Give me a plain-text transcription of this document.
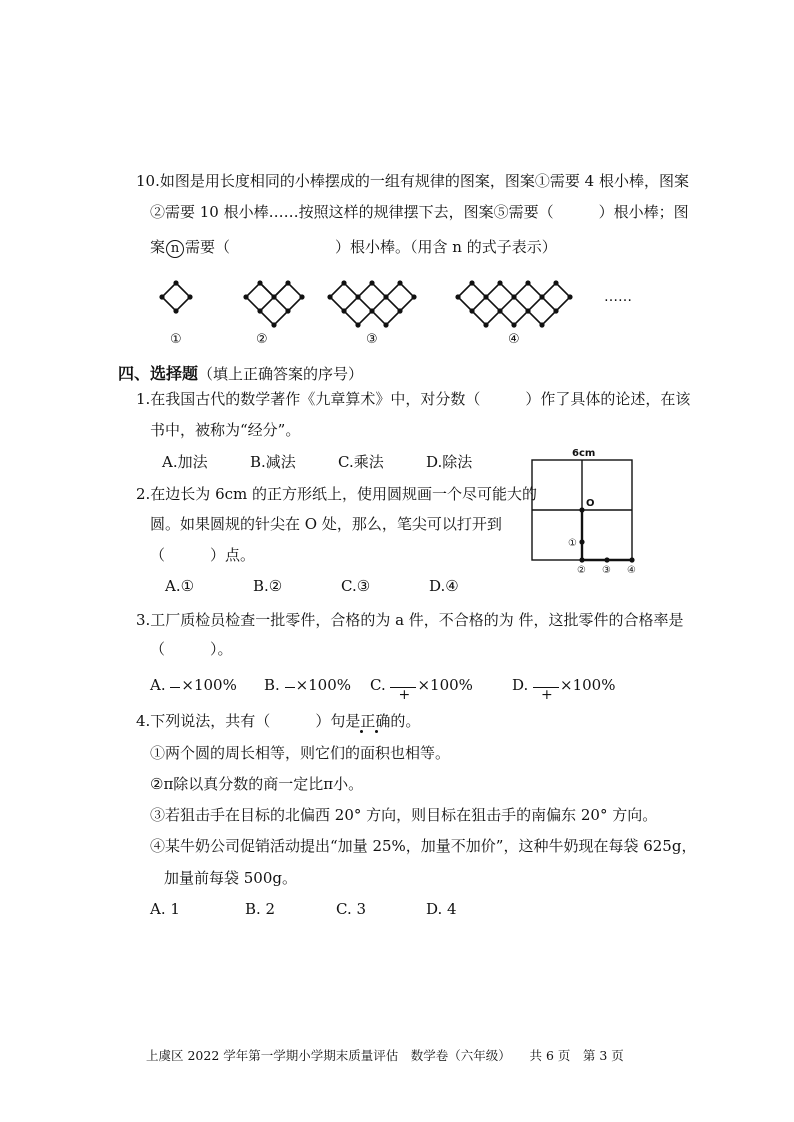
10.如图是用长度相同的小棒摆成的一组有规律的图案，图案①需要 4 根小棒，图案
②需要 10 根小棒……按照这样的规律摆下去，图案⑤需要（　　　）根小棒；图
案 n 需要（　　　　　　　）根小棒。（用含 n 的式子表示）
①	②	③	④
……
四、选择题（填上正确答案的序号）
1.在我国古代的数学著作《九章算术》中，对分数（　　　）作了具体的论述，在该
书中，被称为“经分”。
A.加法	B.减法	C.乘法	D.除法
2.在边长为 6cm 的正方形纸上，使用圆规画一个尽可能大的
圆。如果圆规的针尖在 O 处，那么，笔尖可以打开到
（　　　）点。
A.①	B.②	C.③	D.④
6cm
O
①
② ③ ④
3.工厂质检员检查一批零件，合格的为 a 件，不合格的为 件，这批零件的合格率是
（　　　）。
A. ×100% B. ×100% C.
+
×100%	D.
+
×100%
4.下列说法，共有（　　　）句是正确的。
①两个圆的周长相等，则它们的面积也相等。
②π除以真分数的商一定比π小。
③若狙击手在目标的北偏西 20° 方向，则目标在狙击手的南偏东 20° 方向。
④某牛奶公司促销活动提出“加量 25%，加量不加价”，这种牛奶现在每袋 625g，
加量前每袋 500g。
A. 1	B. 2	C. 3	D. 4
上虞区 2022 学年第一学期小学期末质量评估　数学卷（六年级）　　共 6 页　第 3 页
